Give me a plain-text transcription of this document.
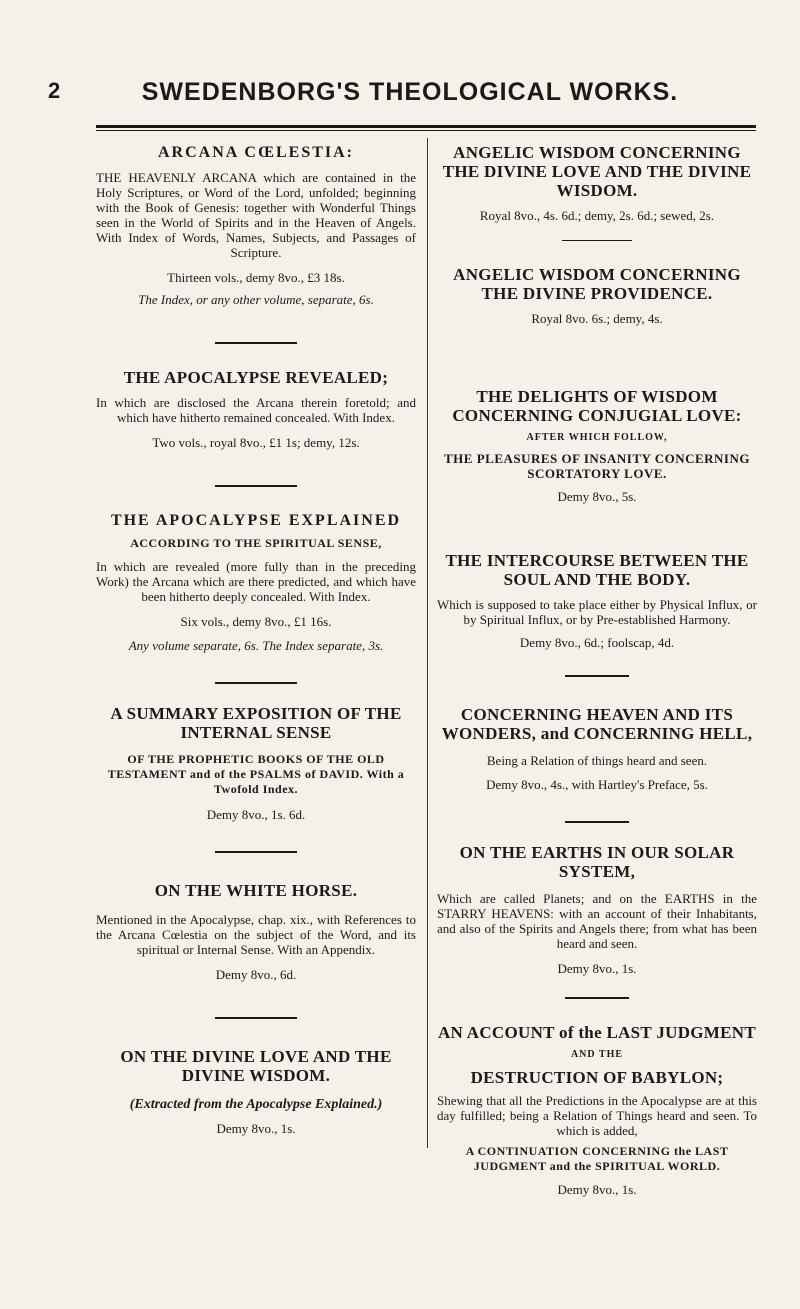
2	SWEDENBORG'S THEOLOGICAL WORKS.
ARCANA CŒLESTIA:
THE HEAVENLY ARCANA which are contained in the Holy Scriptures, or Word of the Lord, unfolded; beginning with the Book of Genesis: together with Wonderful Things seen in the World of Spirits and in the Heaven of Angels. With Index of Words, Names, Subjects, and Passages of Scripture.
Thirteen vols., demy 8vo., £3 18s.
The Index, or any other volume, separate, 6s.
THE APOCALYPSE REVEALED;
In which are disclosed the Arcana therein foretold; and which have hitherto remained concealed. With Index.
Two vols., royal 8vo., £1 1s; demy, 12s.
THE APOCALYPSE EXPLAINED
ACCORDING TO THE SPIRITUAL SENSE,
In which are revealed (more fully than in the preceding Work) the Arcana which are there predicted, and which have been hitherto deeply concealed. With Index.
Six vols., demy 8vo., £1 16s.
Any volume separate, 6s. The Index separate, 3s.
A SUMMARY EXPOSITION OF THE INTERNAL SENSE
OF THE PROPHETIC BOOKS OF THE OLD TESTAMENT and of the PSALMS of DAVID. With a Twofold Index.
Demy 8vo., 1s. 6d.
ON THE WHITE HORSE.
Mentioned in the Apocalypse, chap. xix., with References to the Arcana Cœlestia on the subject of the Word, and its spiritual or Internal Sense. With an Appendix.
Demy 8vo., 6d.
ON THE DIVINE LOVE AND THE DIVINE WISDOM.
(Extracted from the Apocalypse Explained.)
Demy 8vo., 1s.
ANGELIC WISDOM CONCERNING THE DIVINE LOVE AND THE DIVINE WISDOM.
Royal 8vo., 4s. 6d.; demy, 2s. 6d.; sewed, 2s.
ANGELIC WISDOM CONCERNING THE DIVINE PROVIDENCE.
Royal 8vo. 6s.; demy, 4s.
THE DELIGHTS OF WISDOM CONCERNING CONJUGIAL LOVE:
AFTER WHICH FOLLOW,
THE PLEASURES OF INSANITY CONCERNING SCORTATORY LOVE.
Demy 8vo., 5s.
THE INTERCOURSE BETWEEN THE SOUL AND THE BODY.
Which is supposed to take place either by Physical Influx, or by Spiritual Influx, or by Pre-established Harmony.
Demy 8vo., 6d.; foolscap, 4d.
CONCERNING HEAVEN AND ITS WONDERS, and CONCERNING HELL,
Being a Relation of things heard and seen.
Demy 8vo., 4s., with Hartley's Preface, 5s.
ON THE EARTHS IN OUR SOLAR SYSTEM,
Which are called Planets; and on the EARTHS in the STARRY HEAVENS: with an account of their Inhabitants, and also of the Spirits and Angels there; from what has been heard and seen.
Demy 8vo., 1s.
AN ACCOUNT of the LAST JUDGMENT
AND THE
DESTRUCTION OF BABYLON;
Shewing that all the Predictions in the Apocalypse are at this day fulfilled; being a Relation of Things heard and seen. To which is added,
A CONTINUATION CONCERNING the LAST JUDGMENT and the SPIRITUAL WORLD.
Demy 8vo., 1s.
